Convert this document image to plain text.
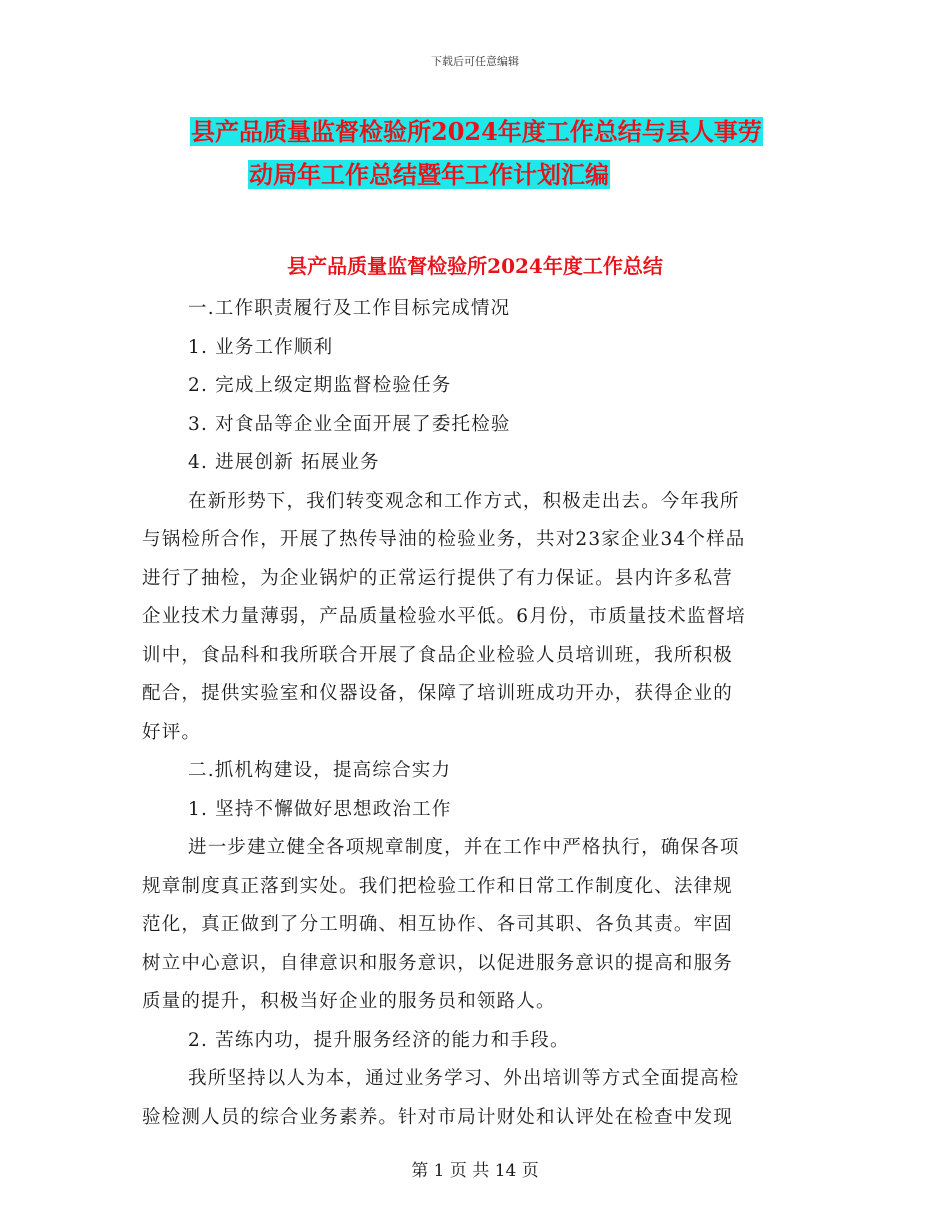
下载后可任意编辑
县产品质量监督检验所2024年度工作总结与县人事劳
动局年工作总结暨年工作计划汇编
县产品质量监督检验所2024年度工作总结

一.工作职责履行及工作目标完成情况

1. 业务工作顺利

2. 完成上级定期监督检验任务

3. 对食品等企业全面开展了委托检验

4. 进展创新 拓展业务

在新形势下，我们转变观念和工作方式，积极走出去。今年我所

与锅检所合作，开展了热传导油的检验业务，共对23家企业34个样品

进行了抽检，为企业锅炉的正常运行提供了有力保证。县内许多私营

企业技术力量薄弱，产品质量检验水平低。6月份，市质量技术监督培

训中，食品科和我所联合开展了食品企业检验人员培训班，我所积极

配合，提供实验室和仪器设备，保障了培训班成功开办，获得企业的

好评。

二.抓机构建设，提高综合实力

1. 坚持不懈做好思想政治工作

进一步建立健全各项规章制度，并在工作中严格执行，确保各项

规章制度真正落到实处。我们把检验工作和日常工作制度化、法律规

范化，真正做到了分工明确、相互协作、各司其职、各负其责。牢固

树立中心意识，自律意识和服务意识，以促进服务意识的提高和服务

质量的提升，积极当好企业的服务员和领路人。

2. 苦练内功，提升服务经济的能力和手段。

我所坚持以人为本，通过业务学习、外出培训等方式全面提高检

验检测人员的综合业务素养。针对市局计财处和认评处在检查中发现

第 1 页 共 14 页
